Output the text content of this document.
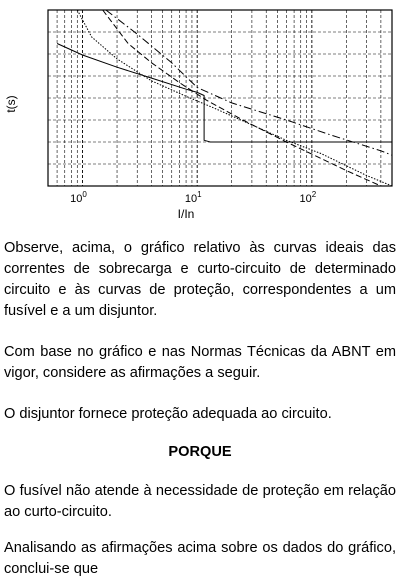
$10^0$	$10^1$	$10^2$
t(s)
I/In

Observe, acima, o gráfico relativo às curvas ideais das correntes de sobrecarga e curto-circuito de determinado circuito e às curvas de proteção, correspondentes a um fusível e a um disjuntor.

Com base no gráfico e nas Normas Técnicas da ABNT em vigor, considere as afirmações a seguir.

O disjuntor fornece proteção adequada ao circuito.

PORQUE

O fusível não atende à necessidade de proteção em relação ao curto-circuito.

Analisando as afirmações acima sobre os dados do gráfico, conclui-se que
